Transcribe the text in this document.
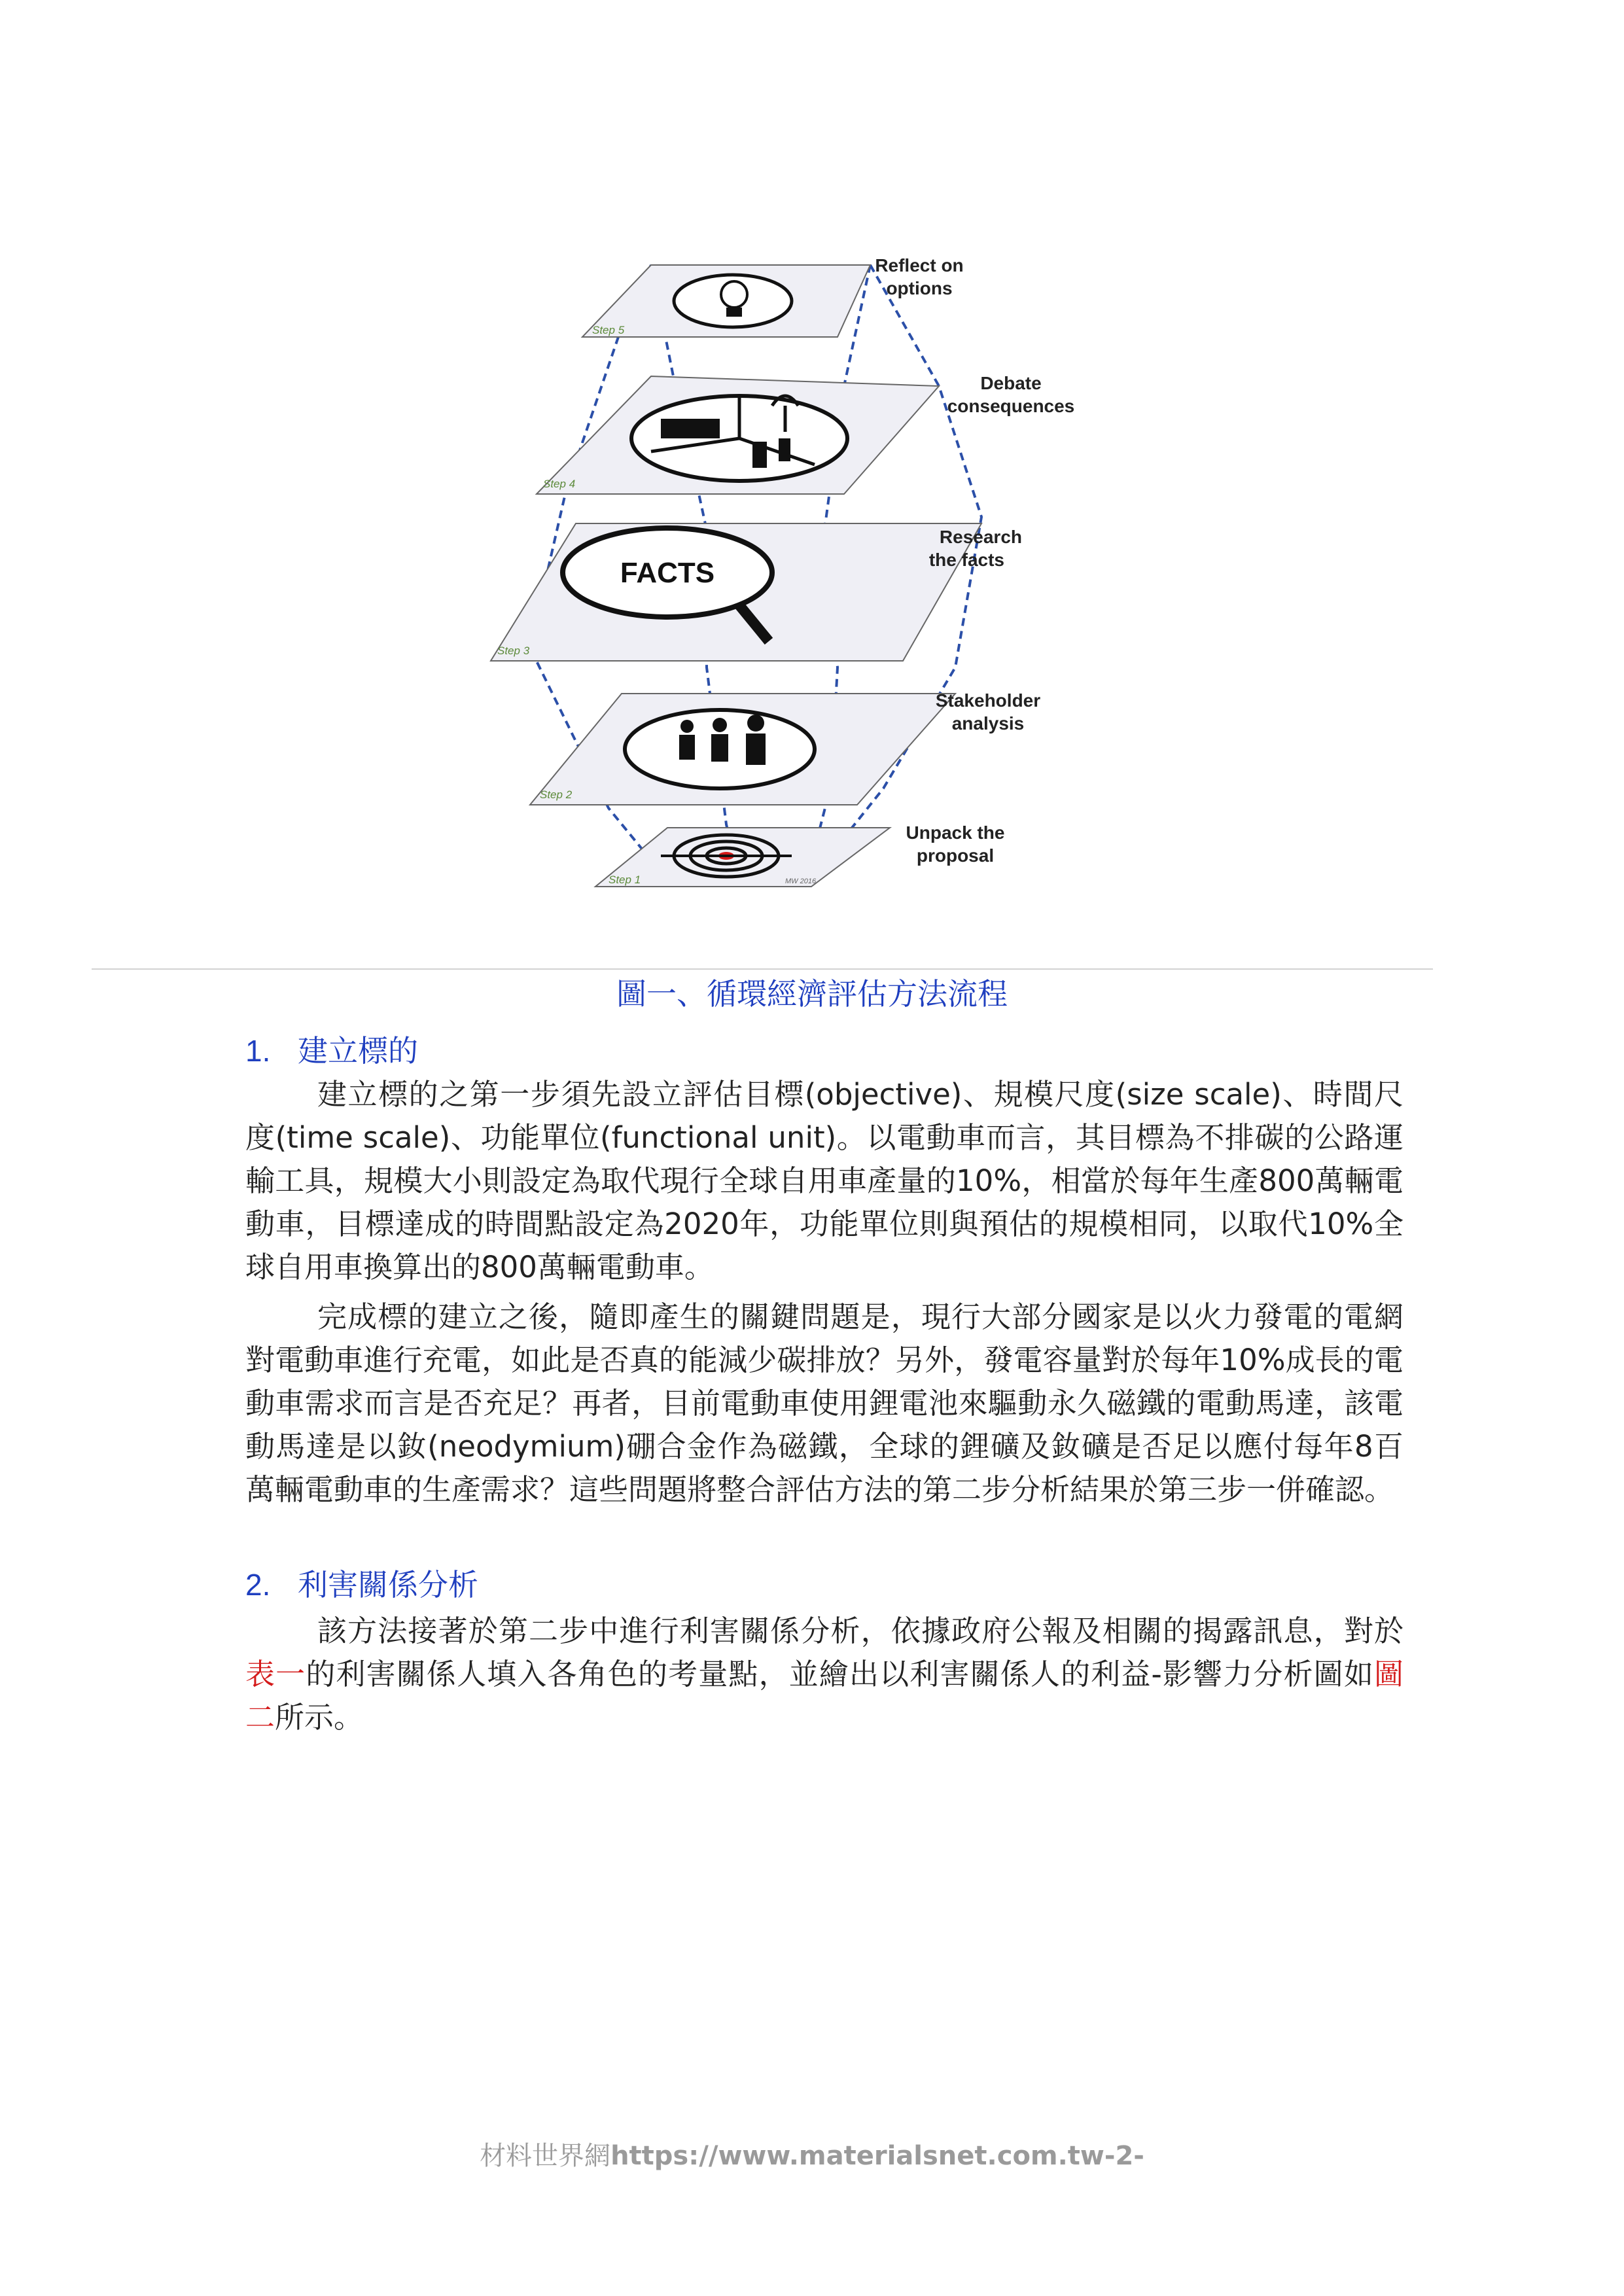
Step 5
Step 4
FACTS
Step 3
Step 2
Step 1	MW 2016
Reflect on
options
Debate
consequences
Research
the facts
Stakeholder
analysis
Unpack the
proposal
圖一、循環經濟評估方法流程
1. 建立標的

建立標的之第一步須先設立評估目標(objective)、規模尺度(size scale)、時間尺度(time scale)、功能單位(functional unit)。以電動車而言，其目標為不排碳的公路運輸工具，規模大小則設定為取代現行全球自用車產量的10%，相當於每年生產800萬輛電動車，目標達成的時間點設定為2020年，功能單位則與預估的規模相同，以取代10%全球自用車換算出的800萬輛電動車。

完成標的建立之後，隨即產生的關鍵問題是，現行大部分國家是以火力發電的電網對電動車進行充電，如此是否真的能減少碳排放？另外，發電容量對於每年10%成長的電動車需求而言是否充足？再者，目前電動車使用鋰電池來驅動永久磁鐵的電動馬達，該電動馬達是以釹(neodymium)硼合金作為磁鐵，全球的鋰礦及釹礦是否足以應付每年8百萬輛電動車的生產需求？這些問題將整合評估方法的第二步分析結果於第三步一併確認。

2. 利害關係分析

該方法接著於第二步中進行利害關係分析，依據政府公報及相關的揭露訊息，對於表一的利害關係人填入各角色的考量點，並繪出以利害關係人的利益-影響力分析圖如圖二所示。

材料世界網https://www.materialsnet.com.tw-2-
